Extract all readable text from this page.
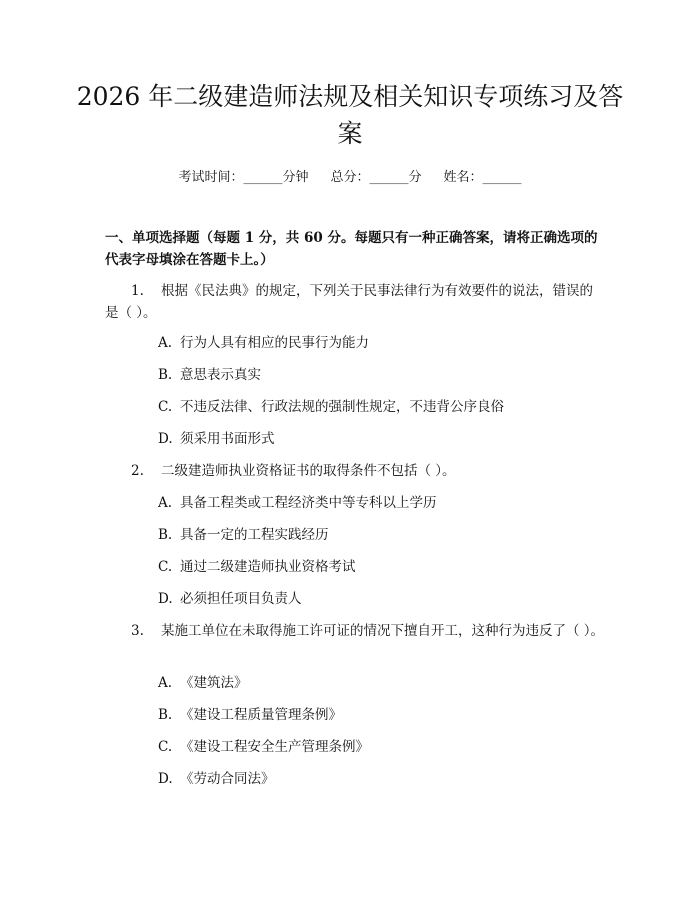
2026 年二级建造师法规及相关知识专项练习及答案
考试时间：______分钟 总分：______分 姓名：______

一、单项选择题（每题 1 分，共 60 分。每题只有一种正确答案，请将正确选项的代表字母填涂在答题卡上。）

1. 根据《民法典》的规定，下列关于民事法律行为有效要件的说法，错误的是（ ）。
A. 行为人具有相应的民事行为能力
B. 意思表示真实
C. 不违反法律、行政法规的强制性规定，不违背公序良俗
D. 须采用书面形式
2. 二级建造师执业资格证书的取得条件不包括（ ）。
A. 具备工程类或工程经济类中等专科以上学历
B. 具备一定的工程实践经历
C. 通过二级建造师执业资格考试
D. 必须担任项目负责人
3. 某施工单位在未取得施工许可证的情况下擅自开工，这种行为违反了（ ）。
A. 《建筑法》
B. 《建设工程质量管理条例》
C. 《建设工程安全生产管理条例》
D. 《劳动合同法》
